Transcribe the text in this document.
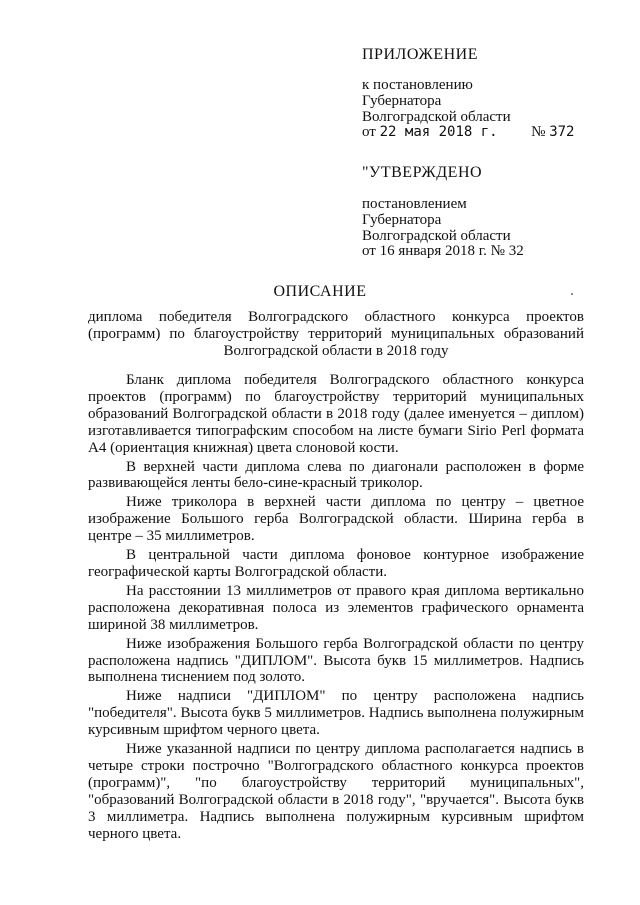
ПРИЛОЖЕНИЕ
к постановлению
Губернатора
Волгоградской области
от 22 мая 2018 г. № 372
"УТВЕРЖДЕНО
постановлением
Губернатора
Волгоградской области
от 16 января 2018 г. № 32
ОПИСАНИЕ
диплома победителя Волгоградского областного конкурса проектов (программ) по благоустройству территорий муниципальных образований Волгоградской области в 2018 году

Бланк диплома победителя Волгоградского областного конкурса проектов (программ) по благоустройству территорий муниципальных образований Волгоградской области в 2018 году (далее именуется – диплом) изготавливается типографским способом на листе бумаги Sirio Perl формата А4 (ориентация книжная) цвета слоновой кости.

В верхней части диплома слева по диагонали расположен в форме развивающейся ленты бело-сине-красный триколор.

Ниже триколора в верхней части диплома по центру – цветное изображение Большого герба Волгоградской области. Ширина герба в центре – 35 миллиметров.

В центральной части диплома фоновое контурное изображение географической карты Волгоградской области.

На расстоянии 13 миллиметров от правого края диплома вертикально расположена декоративная полоса из элементов графического орнамента шириной 38 миллиметров.

Ниже изображения Большого герба Волгоградской области по центру расположена надпись "ДИПЛОМ". Высота букв 15 миллиметров. Надпись выполнена тиснением под золото.

Ниже надписи "ДИПЛОМ" по центру расположена надпись "победителя". Высота букв 5 миллиметров. Надпись выполнена полужирным курсивным шрифтом черного цвета.

Ниже указанной надписи по центру диплома располагается надпись в четыре строки построчно "Волгоградского областного конкурса проектов (программ)", "по благоустройству территорий муниципальных", "образований Волгоградской области в 2018 году", "вручается". Высота букв 3 миллиметра. Надпись выполнена полужирным курсивным шрифтом черного цвета.
